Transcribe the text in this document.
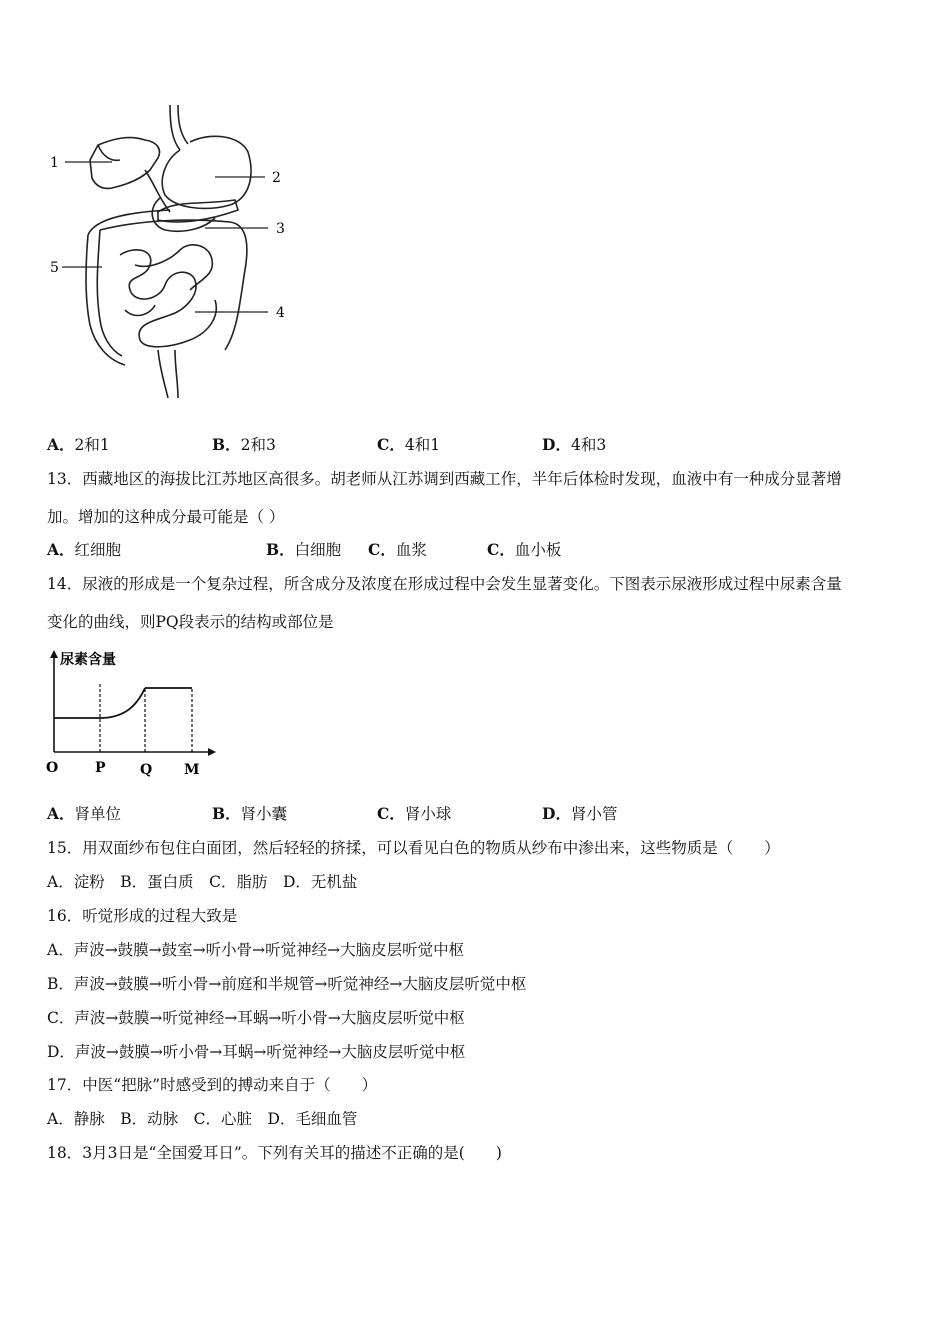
1
2
3
4
5
A．2和1	B．2和3	C．4和1	D．4和3
13．西藏地区的海拔比江苏地区高很多。胡老师从江苏调到西藏工作，半年后体检时发现，血液中有一种成分显著增
加。增加的这种成分最可能是（ ）
A．红细胞	B．白细胞 C．血浆	C．血小板
14．尿液的形成是一个复杂过程，所含成分及浓度在形成过程中会发生显著变化。下图表示尿液形成过程中尿素含量
变化的曲线，则PQ段表示的结构或部位是
尿素含量
O	P Q M
A．肾单位	B．肾小囊	C．肾小球	D．肾小管
15．用双面纱布包住白面团，然后轻轻的挤揉，可以看见白色的物质从纱布中渗出来，这些物质是（　　）
A．淀粉　B．蛋白质　C．脂肪　D．无机盐
16．听觉形成的过程大致是
A．声波→鼓膜→鼓室→听小骨→听觉神经→大脑皮层听觉中枢
B．声波→鼓膜→听小骨→前庭和半规管→听觉神经→大脑皮层听觉中枢
C．声波→鼓膜→听觉神经→耳蜗→听小骨→大脑皮层听觉中枢
D．声波→鼓膜→听小骨→耳蜗→听觉神经→大脑皮层听觉中枢
17．中医“把脉”时感受到的搏动来自于（　　）
A．静脉　B．动脉　C．心脏　D．毛细血管
18．3月3日是“全国爱耳日”。下列有关耳的描述不正确的是(　　)
